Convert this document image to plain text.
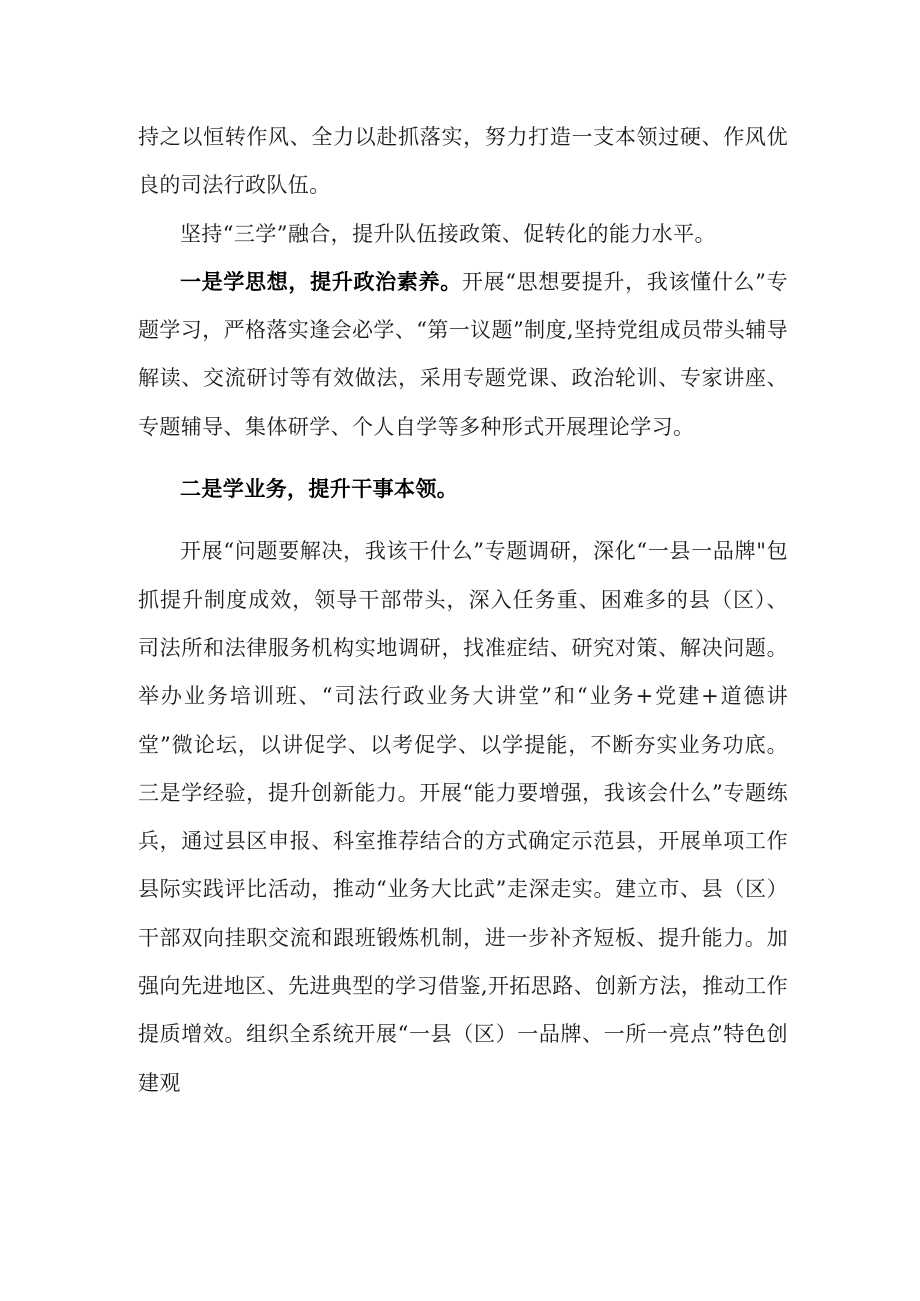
持之以恒转作风、全力以赴抓落实，努力打造一支本领过硬、作风优良的司法行政队伍。

坚持“三学”融合，提升队伍接政策、促转化的能力水平。

一是学思想，提升政治素养。开展“思想要提升，我该懂什么”专题学习，严格落实逢会必学、“第一议题”制度,坚持党组成员带头辅导解读、交流研讨等有效做法，采用专题党课、政治轮训、专家讲座、专题辅导、集体研学、个人自学等多种形式开展理论学习。

二是学业务，提升干事本领。

开展“问题要解决，我该干什么”专题调研，深化“一县一品牌"包抓提升制度成效，领导干部带头，深入任务重、困难多的县（区）、司法所和法律服务机构实地调研，找准症结、研究对策、解决问题。举办业务培训班、“司法行政业务大讲堂”和“业务+党建+道德讲堂”微论坛，以讲促学、以考促学、以学提能，不断夯实业务功底。三是学经验，提升创新能力。开展“能力要增强，我该会什么”专题练兵，通过县区申报、科室推荐结合的方式确定示范县，开展单项工作县际实践评比活动，推动“业务大比武”走深走实。建立市、县（区）干部双向挂职交流和跟班锻炼机制，进一步补齐短板、提升能力。加强向先进地区、先进典型的学习借鉴,开拓思路、创新方法，推动工作提质增效。组织全系统开展“一县（区）一品牌、一所一亮点”特色创建观
